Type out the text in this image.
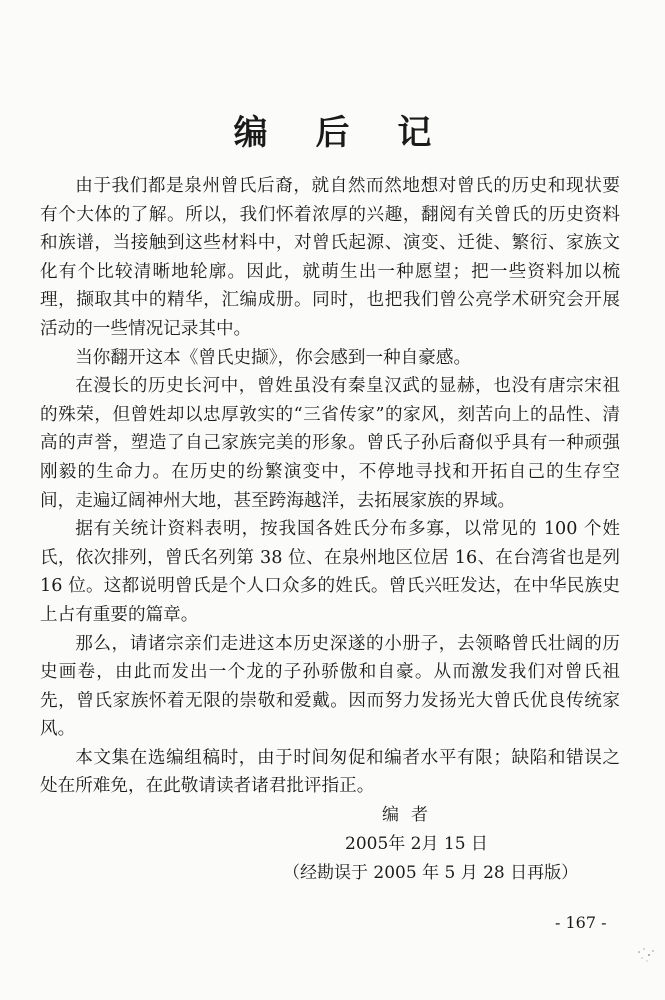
编 后 记

由于我们都是泉州曾氏后裔，就自然而然地想对曾氏的历史和现状要有个大体的了解。所以，我们怀着浓厚的兴趣，翻阅有关曾氏的历史资料和族谱，当接触到这些材料中，对曾氏起源、演变、迁徙、繁衍、家族文化有个比较清晰地轮廓。因此，就萌生出一种愿望；把一些资料加以梳理，撷取其中的精华，汇编成册。同时，也把我们曾公亮学术研究会开展活动的一些情况记录其中。

当你翻开这本《曾氏史撷》，你会感到一种自豪感。

在漫长的历史长河中，曾姓虽没有秦皇汉武的显赫，也没有唐宗宋祖的殊荣，但曾姓却以忠厚敦实的“三省传家”的家风，刻苦向上的品性、清高的声誉，塑造了自己家族完美的形象。曾氏子孙后裔似乎具有一种顽强刚毅的生命力。在历史的纷繁演变中，不停地寻找和开拓自己的生存空间，走遍辽阔神州大地，甚至跨海越洋，去拓展家族的界域。

据有关统计资料表明，按我国各姓氏分布多寡，以常见的 100 个姓氏，依次排列，曾氏名列第 38 位、在泉州地区位居 16、在台湾省也是列 16 位。这都说明曾氏是个人口众多的姓氏。曾氏兴旺发达，在中华民族史上占有重要的篇章。

那么，请诸宗亲们走进这本历史深遂的小册子，去领略曾氏壮阔的历史画卷，由此而发出一个龙的子孙骄傲和自豪。从而激发我们对曾氏祖先，曾氏家族怀着无限的崇敬和爱戴。因而努力发扬光大曾氏优良传统家风。

本文集在选编组稿时，由于时间匆促和编者水平有限；缺陷和错误之处在所难免，在此敬请读者诸君批评指正。

编者
2005年 2月 15 日
（经勘误于 2005 年 5 月 28 日再版）
- 167 -
